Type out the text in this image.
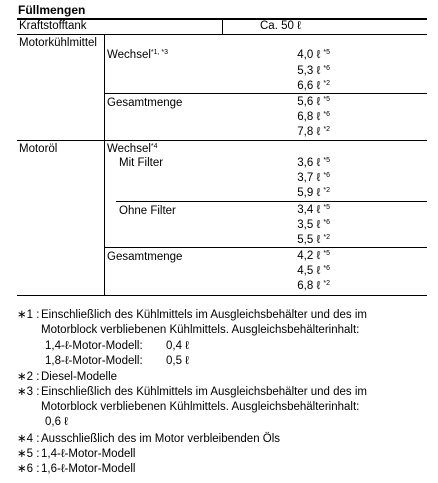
Füllmengen
Kraftstofftank	Ca. 50 ℓ
Motorkühlmittel
Wechsel$^{*1, *3}$	4,0 ℓ $^{*5}$
5,3 ℓ $^{*6}$
6,6 ℓ $^{*2}$
Gesamtmenge	5,6 ℓ $^{*5}$
6,8 ℓ $^{*6}$
7,8 ℓ $^{*2}$
Motoröl	Wechsel$^{*4}$
Mit Filter	3,6 ℓ $^{*5}$
3,7 ℓ $^{*6}$
5,9 ℓ $^{*2}$
Ohne Filter	3,4 ℓ $^{*5}$
3,5 ℓ $^{*6}$
5,5 ℓ $^{*2}$
Gesamtmenge	4,2 ℓ $^{*5}$
4,5 ℓ $^{*6}$
6,8 ℓ $^{*2}$
∗1 : Einschließlich des Kühlmittels im Ausgleichsbehälter und des im
Motorblock verbliebenen Kühlmittels. Ausgleichsbehälterinhalt:
1,4-ℓ-Motor-Modell: 0,4 ℓ
1,8-ℓ-Motor-Modell: 0,5 ℓ
∗2 : Diesel-Modelle
∗3 : Einschließlich des Kühlmittels im Ausgleichsbehälter und des im
Motorblock verbliebenen Kühlmittels. Ausgleichsbehälterinhalt:
0,6 ℓ
∗4 : Ausschließlich des im Motor verbleibenden Öls
∗5 : 1,4-ℓ-Motor-Modell
∗6 : 1,6-ℓ-Motor-Modell
